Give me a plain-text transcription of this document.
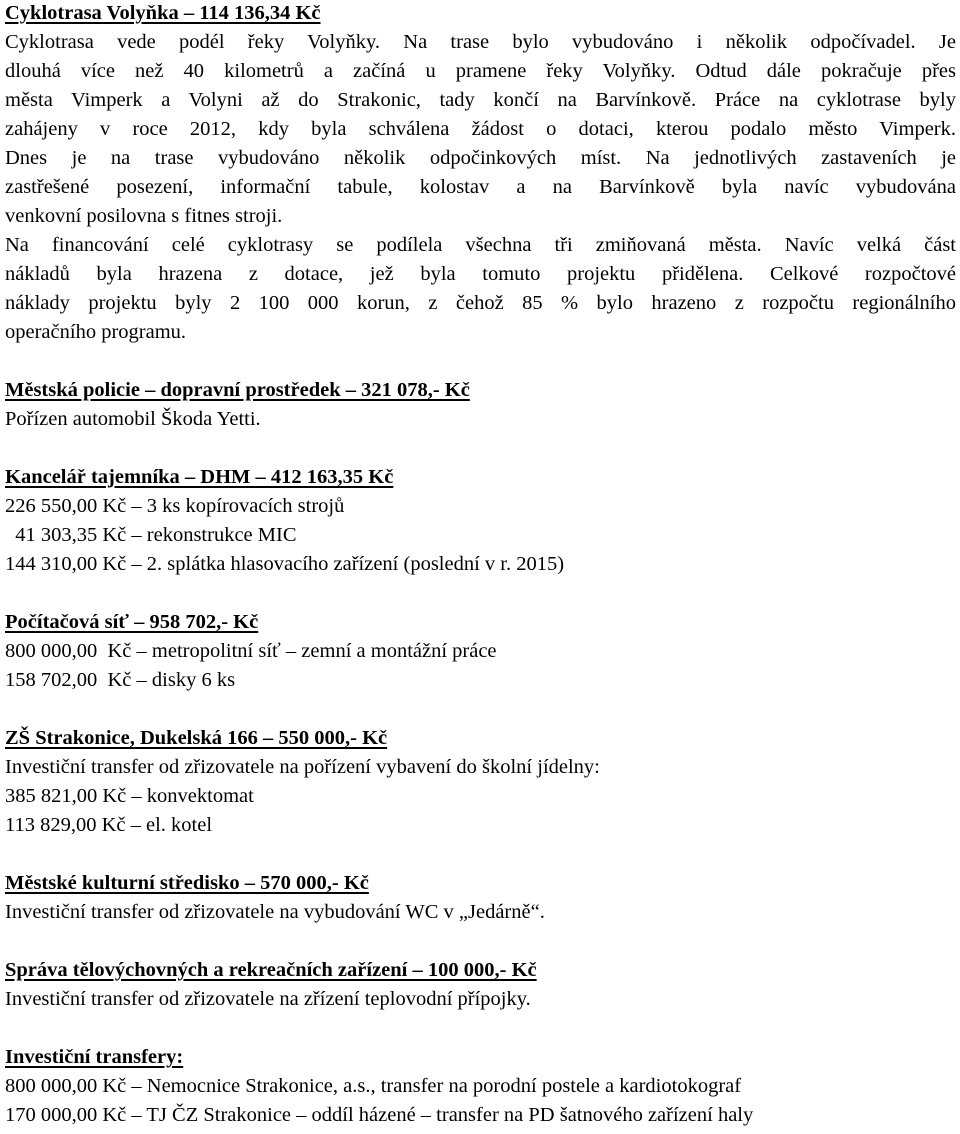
Cyklotrasa Volyňka – 114 136,34 Kč
Cyklotrasa vede podél řeky Volyňky. Na trase bylo vybudováno i několik odpočívadel. Je
dlouhá více než 40 kilometrů a začíná u pramene řeky Volyňky. Odtud dále pokračuje přes
města Vimperk a Volyni až do Strakonic, tady končí na Barvínkově. Práce na cyklotrase byly
zahájeny v roce 2012, kdy byla schválena žádost o dotaci, kterou podalo město Vimperk.
Dnes je na trase vybudováno několik odpočinkových míst. Na jednotlivých zastaveních je
zastřešené posezení, informační tabule, kolostav a na Barvínkově byla navíc vybudována
venkovní posilovna s fitnes stroji.
Na financování celé cyklotrasy se podílela všechna tři zmiňovaná města. Navíc velká část
nákladů byla hrazena z dotace, jež byla tomuto projektu přidělena. Celkové rozpočtové
náklady projektu byly 2 100 000 korun, z čehož 85 % bylo hrazeno z rozpočtu regionálního
operačního programu.
Městská policie – dopravní prostředek – 321 078,- Kč
Pořízen automobil Škoda Yetti.
Kancelář tajemníka – DHM – 412 163,35 Kč
226 550,00 Kč – 3 ks kopírovacích strojů
41 303,35 Kč – rekonstrukce MIC
144 310,00 Kč – 2. splátka hlasovacího zařízení (poslední v r. 2015)
Počítačová síť – 958 702,- Kč
800 000,00  Kč – metropolitní síť – zemní a montážní práce
158 702,00  Kč – disky 6 ks
ZŠ Strakonice, Dukelská 166 – 550 000,- Kč
Investiční transfer od zřizovatele na pořízení vybavení do školní jídelny:
385 821,00 Kč – konvektomat
113 829,00 Kč – el. kotel
Městské kulturní středisko – 570 000,- Kč
Investiční transfer od zřizovatele na vybudování WC v „Jedárně“.
Správa tělovýchovných a rekreačních zařízení – 100 000,- Kč
Investiční transfer od zřizovatele na zřízení teplovodní přípojky.
Investiční transfery:
800 000,00 Kč – Nemocnice Strakonice, a.s., transfer na porodní postele a kardiotokograf
170 000,00 Kč – TJ ČZ Strakonice – oddíl házené – transfer na PD šatnového zařízení haly
